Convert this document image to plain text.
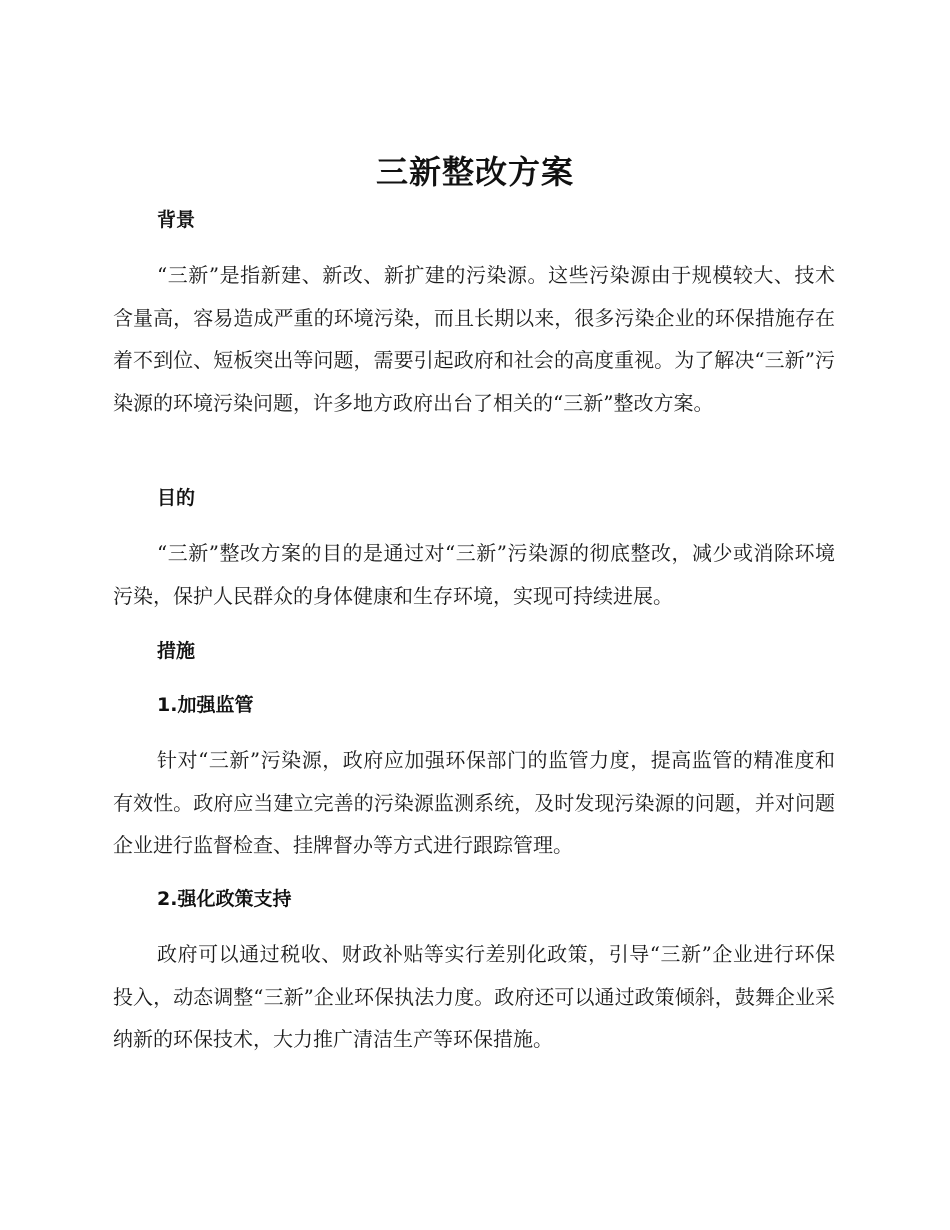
三新整改方案
背景

“三新”是指新建、新改、新扩建的污染源。这些污染源由于规模较大、技术含量高，容易造成严重的环境污染，而且长期以来，很多污染企业的环保措施存在着不到位、短板突出等问题，需要引起政府和社会的高度重视。为了解决“三新”污染源的环境污染问题，许多地方政府出台了相关的“三新”整改方案。

目的

“三新”整改方案的目的是通过对“三新”污染源的彻底整改，减少或消除环境污染，保护人民群众的身体健康和生存环境，实现可持续进展。

措施
1.加强监管

针对“三新”污染源，政府应加强环保部门的监管力度，提高监管的精准度和有效性。政府应当建立完善的污染源监测系统，及时发现污染源的问题，并对问题企业进行监督检查、挂牌督办等方式进行跟踪管理。

2.强化政策支持

政府可以通过税收、财政补贴等实行差别化政策，引导“三新”企业进行环保投入，动态调整“三新”企业环保执法力度。政府还可以通过政策倾斜，鼓舞企业采纳新的环保技术，大力推广清洁生产等环保措施。
